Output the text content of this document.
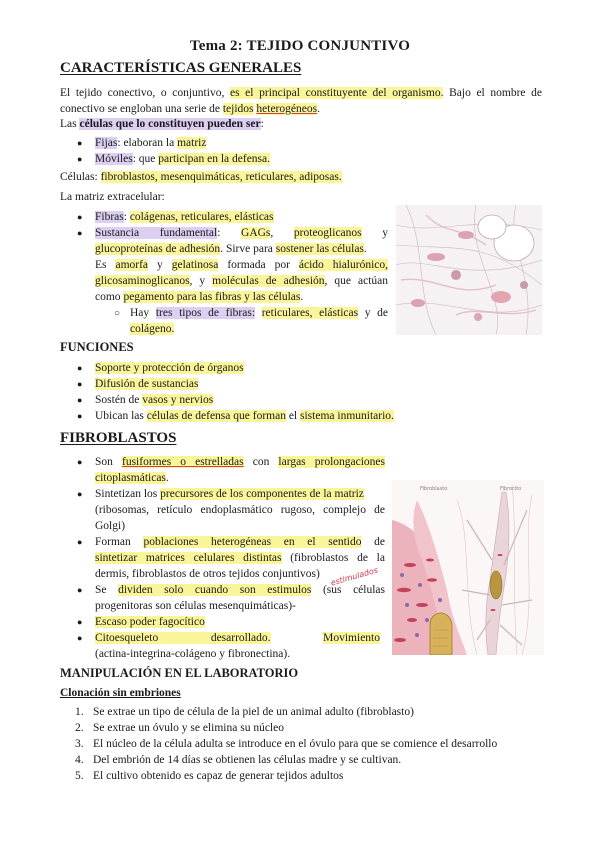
Tema 2: TEJIDO CONJUNTIVO
CARACTERÍSTICAS GENERALES
El tejido conectivo, o conjuntivo, es el principal constituyente del organismo. Bajo el nombre de conectivo se engloban una serie de tejidos heterogéneos.
Las células que lo constituyen pueden ser:
● Fijas: elaboran la matriz
● Móviles: que participan en la defensa.
Células: fibroblastos, mesenquimáticas, reticulares, adiposas.
La matriz extracelular:
● Fibras: colágenas, reticulares, elásticas
● Sustancia fundamental: GAGs, proteoglicanos y
glucoproteínas de adhesión. Sirve para sostener las células.
Es amorfa y gelatinosa formada por ácido hialurónico,
glicosaminoglicanos, y moléculas de adhesión, que actúan
como pegamento para las fibras y las células.
○ Hay tres tipos de fibras: reticulares, elásticas y de
colágeno.
FUNCIONES
● Soporte y protección de órganos
● Difusión de sustancias
● Sostén de vasos y nervios
● Ubican las células de defensa que forman el sistema inmunitario.
FIBROBLASTOS
● Son fusiformes o estrelladas con largas prolongaciones
citoplasmáticas.
● Sintetizan los precursores de los componentes de la matriz
(ribosomas, retículo endoplasmático rugoso, complejo de
Golgi)
● Forman poblaciones heterogéneas en el sentido de
sintetizar matrices celulares distintas (fibroblastos de la
dermis, fibroblastos de otros tejidos conjuntivos) estimulados
● Se dividen solo cuando son estimulos (sus células
progenitoras son células mesenquimáticas)-
● Escaso poder fagocítico
● Citoesqueleto desarrollado.	Movimiento
(actina-integrina-colágeno y fibronectina).
Fibroblasto	Fibrocito
MANIPULACIÓN EN EL LABORATORIO
Clonación sin embriones
1. Se extrae un tipo de célula de la piel de un animal adulto (fibroblasto)
2. Se extrae un óvulo y se elimina su núcleo
3. El núcleo de la célula adulta se introduce en el óvulo para que se comience el desarrollo
4. Del embrión de 14 días se obtienen las células madre y se cultivan.
5. El cultivo obtenido es capaz de generar tejidos adultos
